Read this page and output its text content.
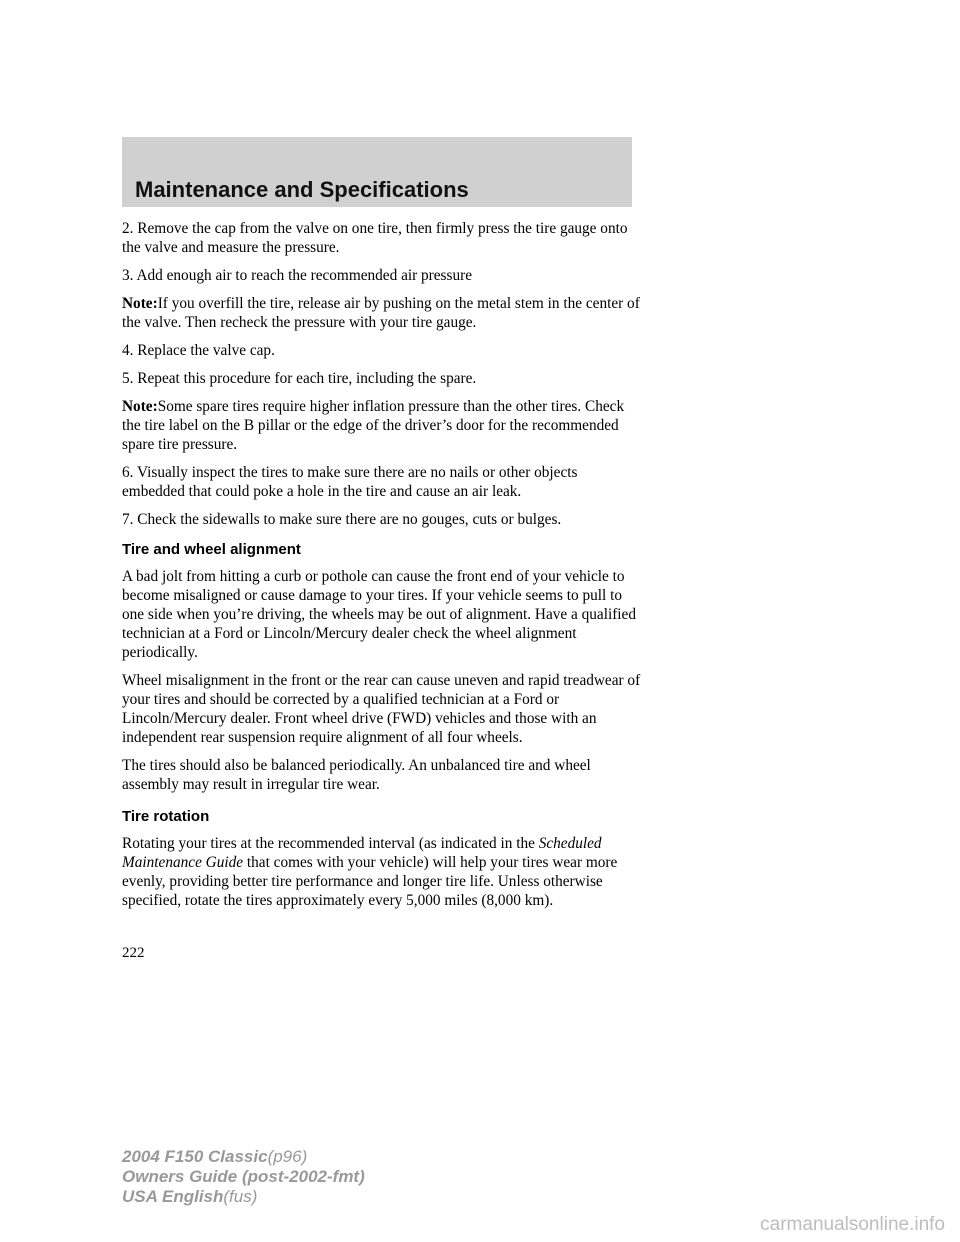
Maintenance and Specifications

2. Remove the cap from the valve on one tire, then firmly press the tire gauge onto the valve and measure the pressure.

3. Add enough air to reach the recommended air pressure

Note:If you overfill the tire, release air by pushing on the metal stem in the center of the valve. Then recheck the pressure with your tire gauge.

4. Replace the valve cap.

5. Repeat this procedure for each tire, including the spare.

Note:Some spare tires require higher inflation pressure than the other tires. Check the tire label on the B pillar or the edge of the driver’s door for the recommended spare tire pressure.

6. Visually inspect the tires to make sure there are no nails or other objects embedded that could poke a hole in the tire and cause an air leak.

7. Check the sidewalls to make sure there are no gouges, cuts or bulges.

Tire and wheel alignment

A bad jolt from hitting a curb or pothole can cause the front end of your vehicle to become misaligned or cause damage to your tires. If your vehicle seems to pull to one side when you’re driving, the wheels may be out of alignment. Have a qualified technician at a Ford or Lincoln/Mercury dealer check the wheel alignment periodically.

Wheel misalignment in the front or the rear can cause uneven and rapid treadwear of your tires and should be corrected by a qualified technician at a Ford or Lincoln/Mercury dealer. Front wheel drive (FWD) vehicles and those with an independent rear suspension require alignment of all four wheels.

The tires should also be balanced periodically. An unbalanced tire and wheel assembly may result in irregular tire wear.

Tire rotation

Rotating your tires at the recommended interval (as indicated in the Scheduled Maintenance Guide that comes with your vehicle) will help your tires wear more evenly, providing better tire performance and longer tire life. Unless otherwise specified, rotate the tires approximately every 5,000 miles (8,000 km).

222
2004 F150 Classic(p96)
Owners Guide (post-2002-fmt)
USA English(fus)
carmanualsonline.info
